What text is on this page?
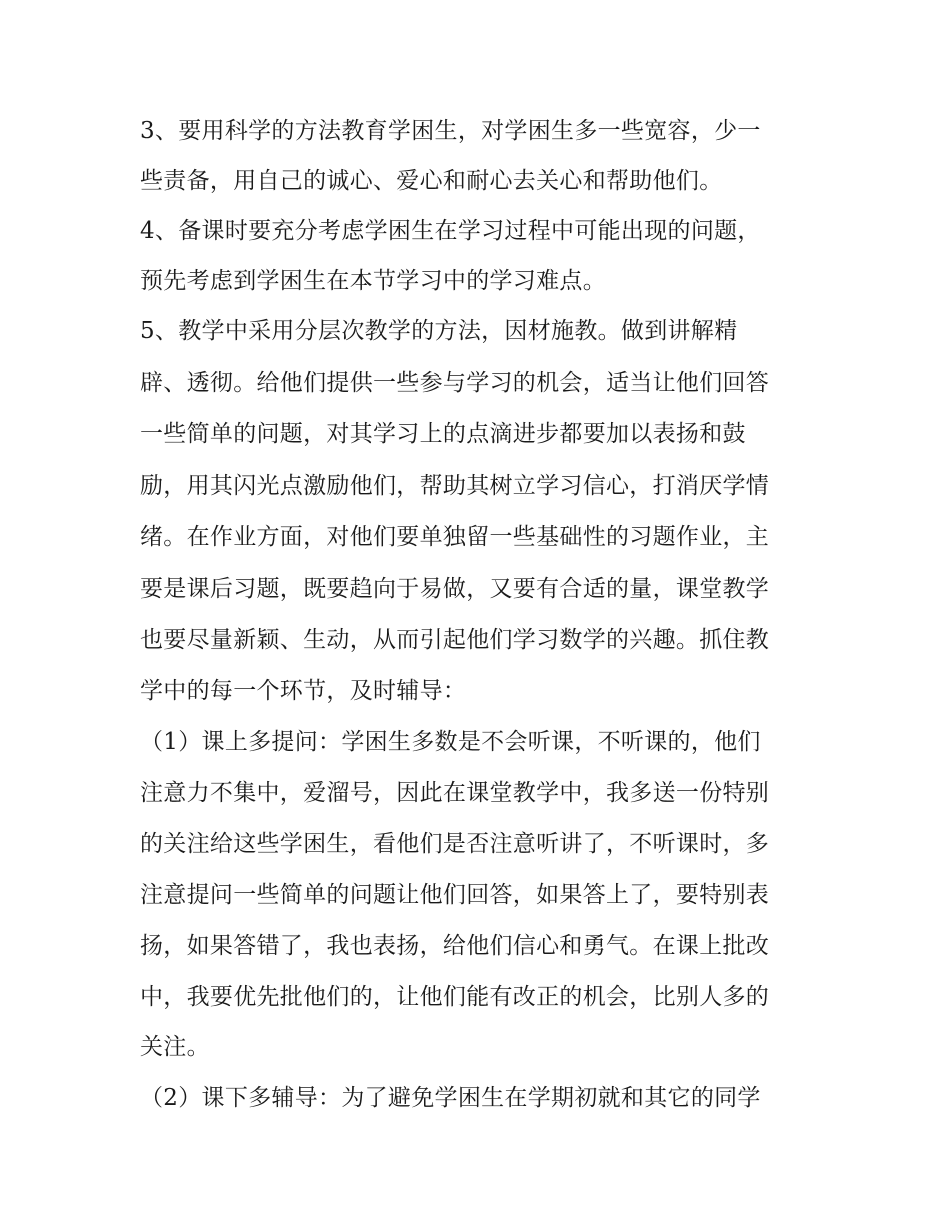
3、要用科学的方法教育学困生，对学困生多一些宽容，少一
些责备，用自己的诚心、爱心和耐心去关心和帮助他们。
4、备课时要充分考虑学困生在学习过程中可能出现的问题，
预先考虑到学困生在本节学习中的学习难点。
5、教学中采用分层次教学的方法，因材施教。做到讲解精
辟、透彻。给他们提供一些参与学习的机会，适当让他们回答
一些简单的问题，对其学习上的点滴进步都要加以表扬和鼓
励，用其闪光点激励他们，帮助其树立学习信心，打消厌学情
绪。在作业方面，对他们要单独留一些基础性的习题作业，主
要是课后习题，既要趋向于易做，又要有合适的量，课堂教学
也要尽量新颖、生动，从而引起他们学习数学的兴趣。抓住教
学中的每一个环节，及时辅导：
（1）课上多提问：学困生多数是不会听课，不听课的，他们
注意力不集中，爱溜号，因此在课堂教学中，我多送一份特别
的关注给这些学困生，看他们是否注意听讲了，不听课时，多
注意提问一些简单的问题让他们回答，如果答上了，要特别表
扬，如果答错了，我也表扬，给他们信心和勇气。在课上批改
中，我要优先批他们的，让他们能有改正的机会，比别人多的
关注。
（2）课下多辅导：为了避免学困生在学期初就和其它的同学
